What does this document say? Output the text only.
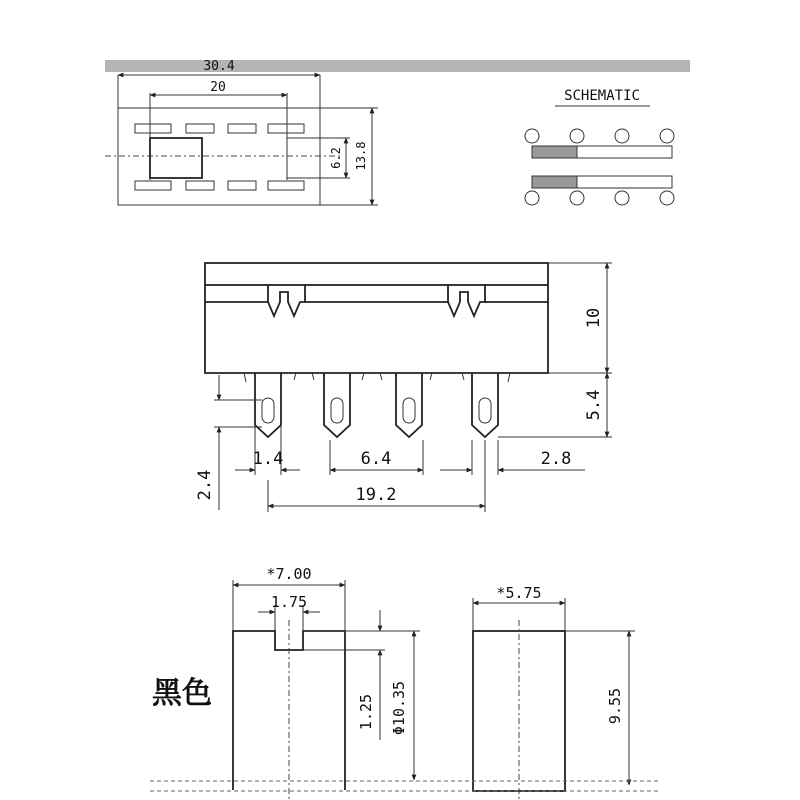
30.4
20
6.2 13.8
SCHEMATIC
10
5.4
1.4	6.4	2.8
19.2
2.4
黑色
*7.00
1.75
1.25 Φ10.35
*5.75
9.55
